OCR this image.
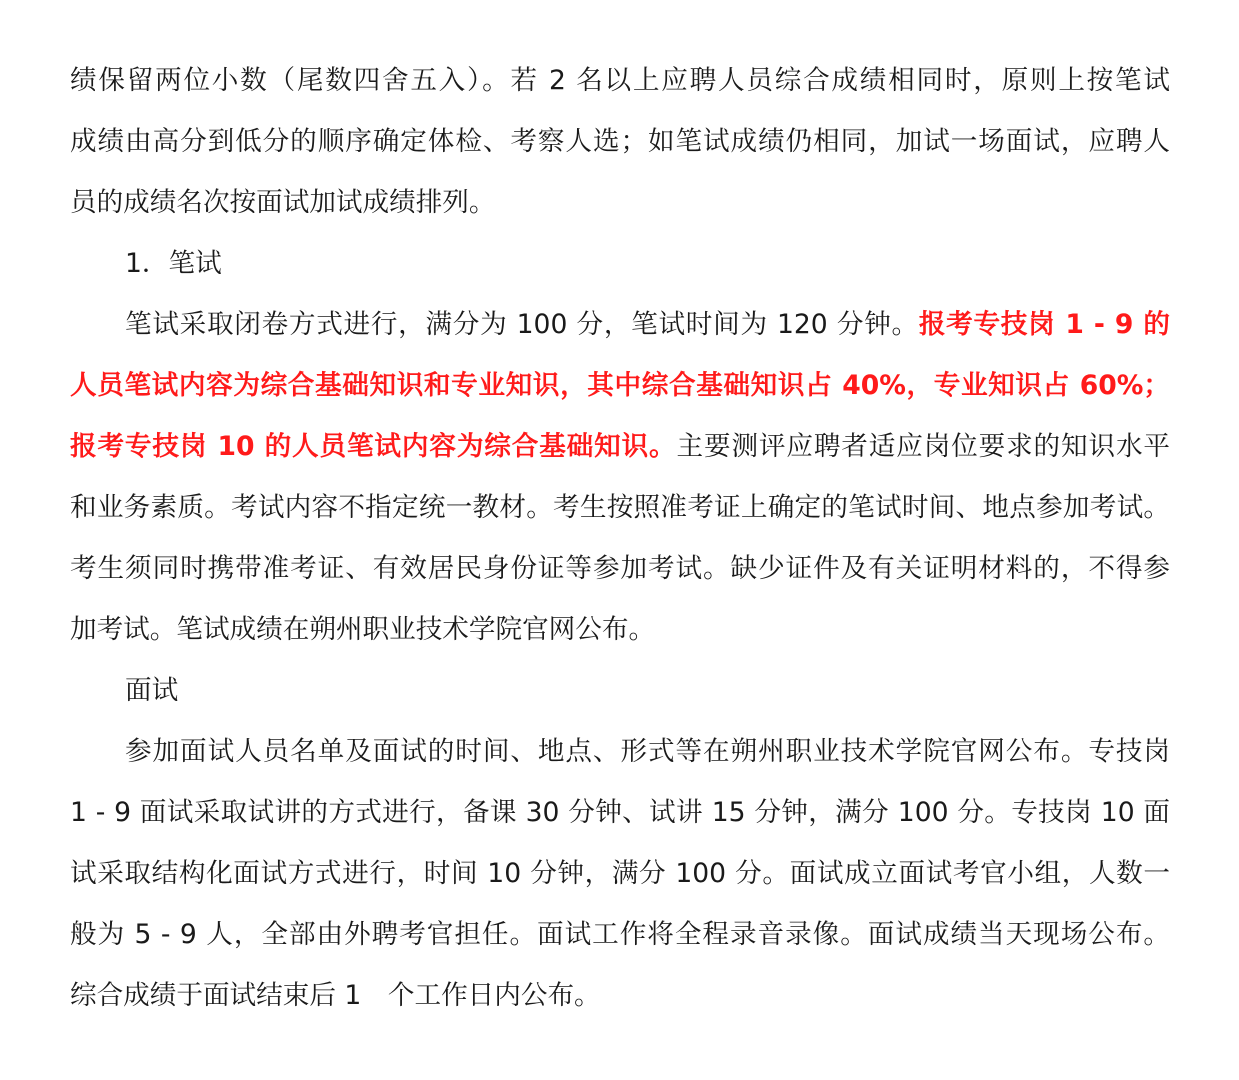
绩保留两位小数（尾数四舍五入）。若 2 名以上应聘人员综合成绩相同时，原则上按笔试
成绩由高分到低分的顺序确定体检、考察人选；如笔试成绩仍相同，加试一场面试，应聘人
员的成绩名次按面试加试成绩排列。
1．笔试
笔试采取闭卷方式进行，满分为 100 分，笔试时间为 120 分钟。报考专技岗 1 - 9 的
人员笔试内容为综合基础知识和专业知识，其中综合基础知识占 40%，专业知识占 60%；
报考专技岗 10 的人员笔试内容为综合基础知识。主要测评应聘者适应岗位要求的知识水平
和业务素质。考试内容不指定统一教材。考生按照准考证上确定的笔试时间、地点参加考试。
考生须同时携带准考证、有效居民身份证等参加考试。缺少证件及有关证明材料的，不得参
加考试。笔试成绩在朔州职业技术学院官网公布。
面试
参加面试人员名单及面试的时间、地点、形式等在朔州职业技术学院官网公布。专技岗
1 - 9 面试采取试讲的方式进行，备课 30 分钟、试讲 15 分钟，满分 100 分。专技岗 10 面
试采取结构化面试方式进行，时间 10 分钟，满分 100 分。面试成立面试考官小组，人数一
般为 5 - 9 人，全部由外聘考官担任。面试工作将全程录音录像。面试成绩当天现场公布。
综合成绩于面试结束后 1　个工作日内公布。
